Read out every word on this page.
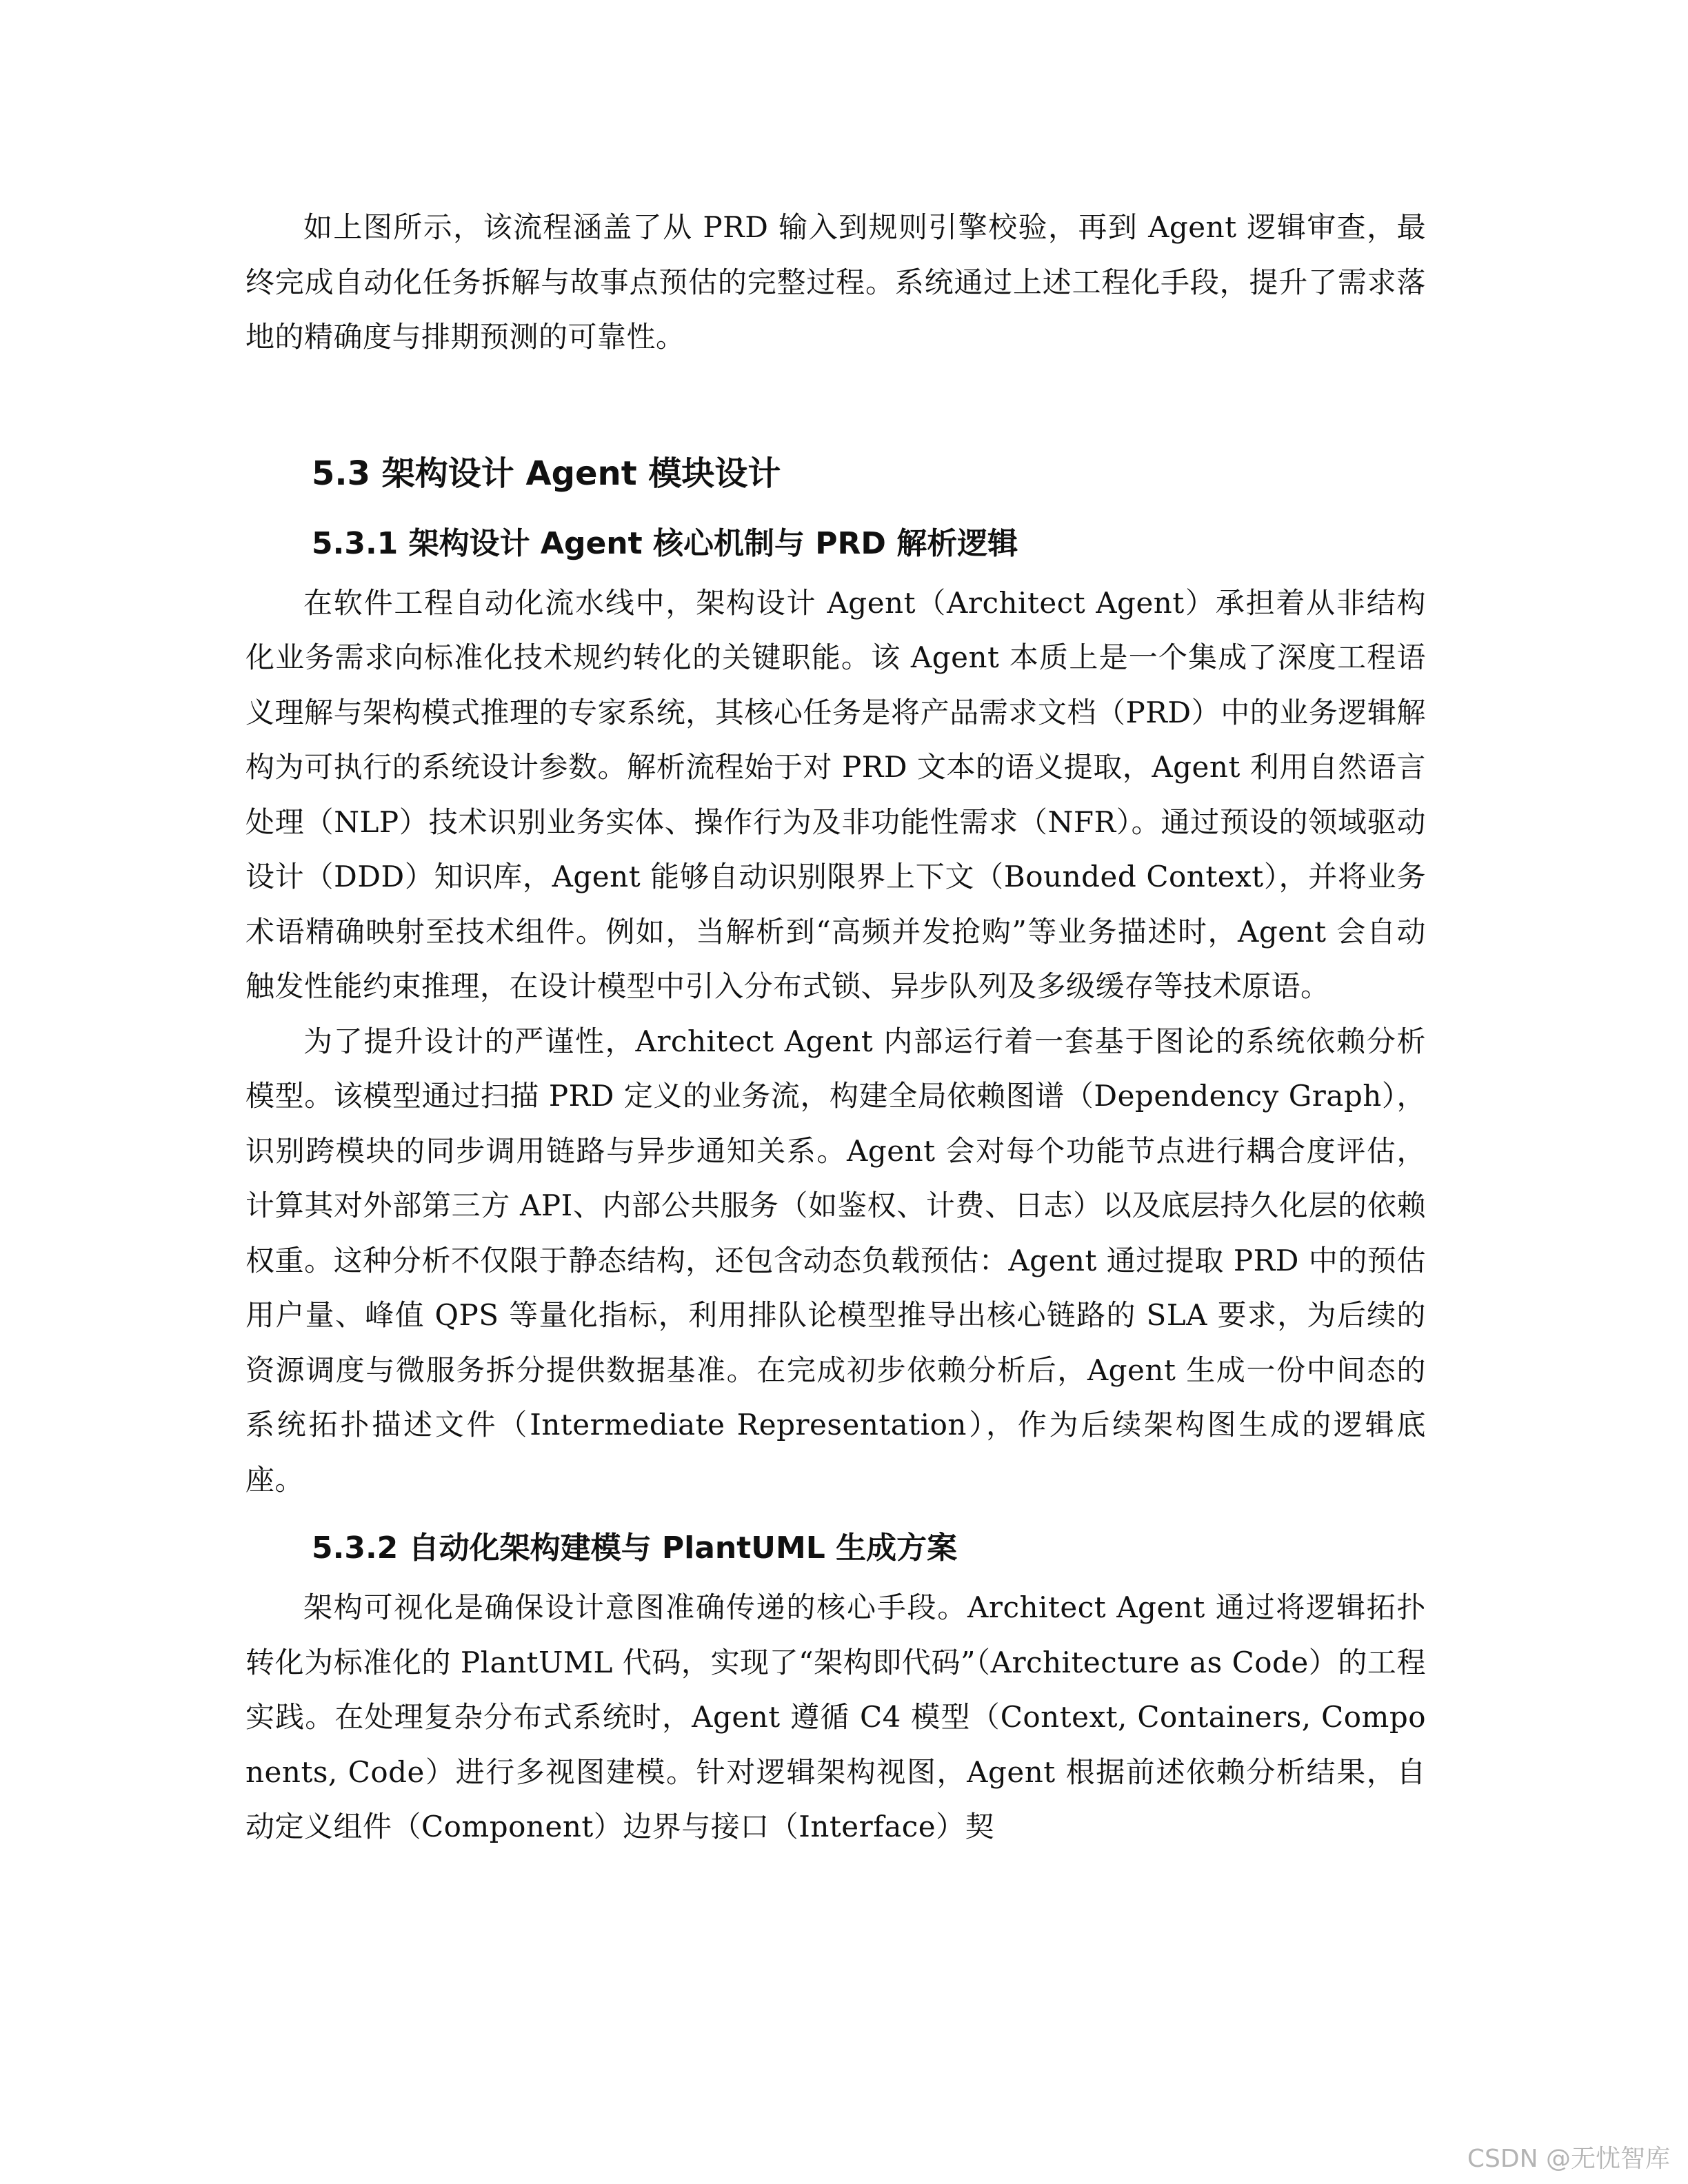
如上图所示，该流程涵盖了从 PRD 输入到规则引擎校验，再到 Agent 逻辑审查，最终完成自动化任务拆解与故事点预估的完整过程。系统通过上述工程化手段，提升了需求落地的精确度与排期预测的可靠性。

5.3 架构设计 Agent 模块设计
5.3.1 架构设计 Agent 核心机制与 PRD 解析逻辑

在软件工程自动化流水线中，架构设计 Agent（Architect Agent）承担着从非结构化业务需求向标准化技术规约转化的关键职能。该 Agent 本质上是一个集成了深度工程语义理解与架构模式推理的专家系统，其核心任务是将产品需求文档（PRD）中的业务逻辑解构为可执行的系统设计参数。解析流程始于对 PRD 文本的语义提取，Agent 利用自然语言处理（NLP）技术识别业务实体、操作行为及非功能性需求（NFR）。通过预设的领域驱动设计（DDD）知识库，Agent 能够自动识别限界上下文（Bounded Context），并将业务术语精确映射至技术组件。例如，当解析到“高频并发抢购”等业务描述时，Agent 会自动触发性能约束推理，在设计模型中引入分布式锁、异步队列及多级缓存等技术原语。

为了提升设计的严谨性，Architect Agent 内部运行着一套基于图论的系统依赖分析模型。该模型通过扫描 PRD 定义的业务流，构建全局依赖图谱（Dependency Graph），识别跨模块的同步调用链路与异步通知关系。Agent 会对每个功能节点进行耦合度评估，计算其对外部第三方 API、内部公共服务（如鉴权、计费、日志）以及底层持久化层的依赖权重。这种分析不仅限于静态结构，还包含动态负载预估：Agent 通过提取 PRD 中的预估用户量、峰值 QPS 等量化指标，利用排队论模型推导出核心链路的 SLA 要求，为后续的资源调度与微服务拆分提供数据基准。在完成初步依赖分析后，Agent 生成一份中间态的系统拓扑描述文件（Intermediate Representation），作为后续架构图生成的逻辑底座。

5.3.2 自动化架构建模与 PlantUML 生成方案

架构可视化是确保设计意图准确传递的核心手段。Architect Agent 通过将逻辑拓扑转化为标准化的 PlantUML 代码，实现了“架构即代码”（Architecture as Code）的工程实践。在处理复杂分布式系统时，Agent 遵循 C4 模型（Context, Containers, Components, Code）进行多视图建模。针对逻辑架构视图，Agent 根据前述依赖分析结果，自动定义组件（Component）边界与接口（Interface）契

CSDN @无忧智库
